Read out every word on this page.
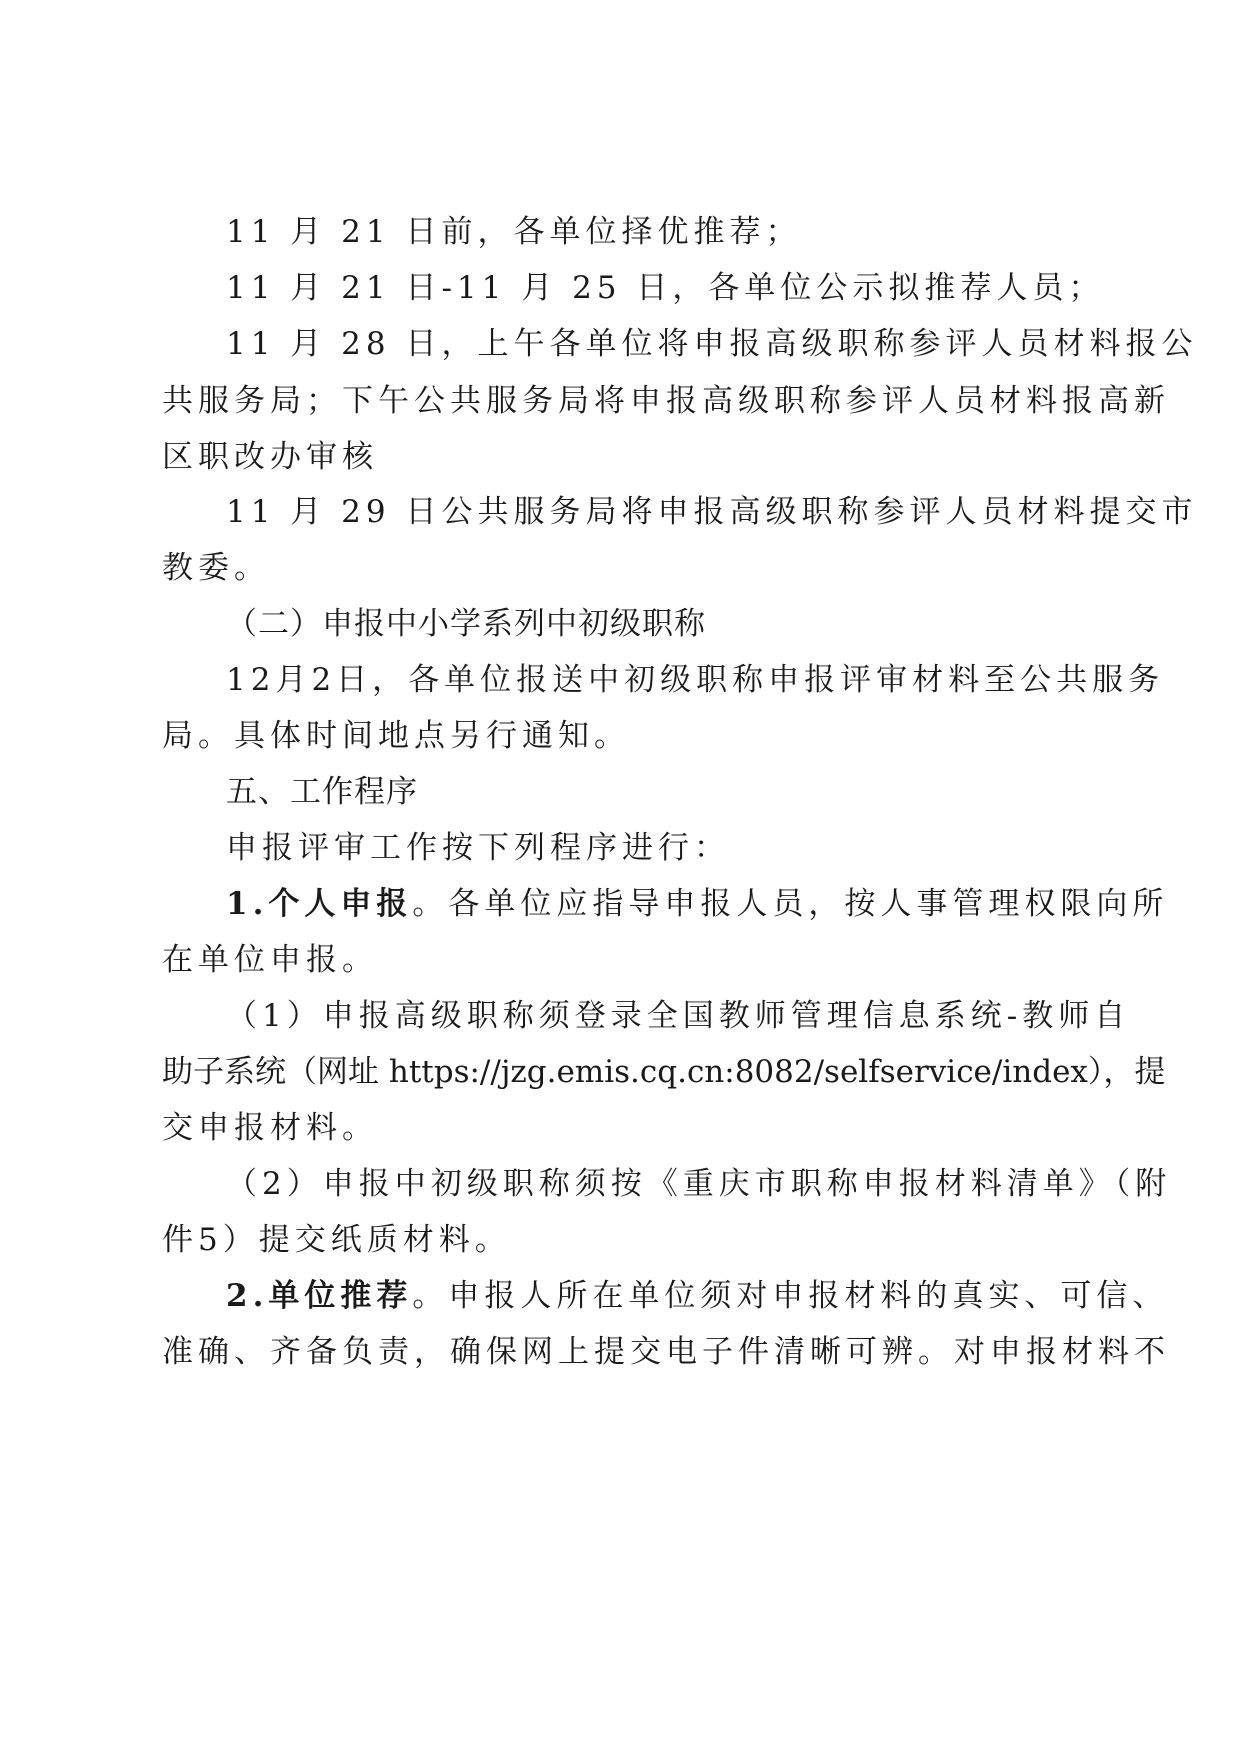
11 月 21 日前，各单位择优推荐；
11 月 21 日-11 月 25 日，各单位公示拟推荐人员；
11 月 28 日，上午各单位将申报高级职称参评人员材料报公
共服务局；下午公共服务局将申报高级职称参评人员材料报高新
区职改办审核
11 月 29 日公共服务局将申报高级职称参评人员材料提交市
教委。
（二）申报中小学系列中初级职称
12月2日，各单位报送中初级职称申报评审材料至公共服务
局。具体时间地点另行通知。
五、工作程序
申报评审工作按下列程序进行：
1.个人申报。各单位应指导申报人员，按人事管理权限向所
在单位申报。
（1）申报高级职称须登录全国教师管理信息系统-教师自
助子系统（网址 https://jzg.emis.cq.cn:8082/selfservice/index），提
交申报材料。
（2）申报中初级职称须按《重庆市职称申报材料清单》（附
件5）提交纸质材料。
2.单位推荐。申报人所在单位须对申报材料的真实、可信、
准确、齐备负责，确保网上提交电子件清晰可辨。对申报材料不
